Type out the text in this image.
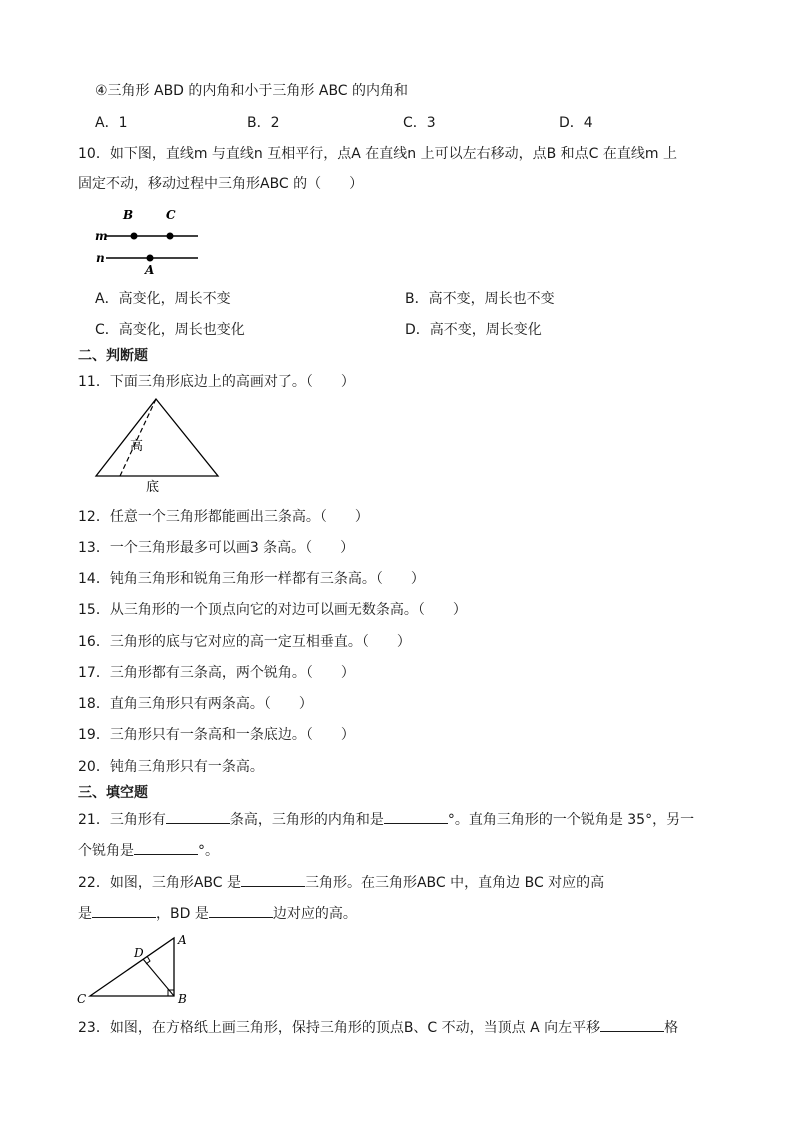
④三角形 ABD 的内角和小于三角形 ABC 的内角和
A．1	B．2	C．3	D．4
10．如下图，直线m 与直线n 互相平行，点A 在直线n 上可以左右移动，点B 和点C 在直线m 上
固定不动，移动过程中三角形ABC 的（　　）
B	C
m
n
A
A．高变化，周长不变	B．高不变，周长也不变
C．高变化，周长也变化	D．高不变，周长变化
二、判断题
11．下面三角形底边上的高画对了。（　　）
高
底
12．任意一个三角形都能画出三条高。（　　）
13．一个三角形最多可以画3 条高。（　　）
14．钝角三角形和锐角三角形一样都有三条高。（　　）
15．从三角形的一个顶点向它的对边可以画无数条高。（　　）
16．三角形的底与它对应的高一定互相垂直。（　　）
17．三角形都有三条高，两个锐角。（　　）
18．直角三角形只有两条高。（　　）
19．三角形只有一条高和一条底边。（　　）
20．钝角三角形只有一条高。
三、填空题
21．三角形有	条高，三角形的内角和是	°。直角三角形的一个锐角是 35°，另一
个锐角是	°。
22．如图，三角形ABC 是	三角形。在三角形ABC 中，直角边 BC 对应的高
是	，BD 是	边对应的高。
A
B
C
D
23．如图，在方格纸上画三角形，保持三角形的顶点B、C 不动，当顶点 A 向左平移	格
